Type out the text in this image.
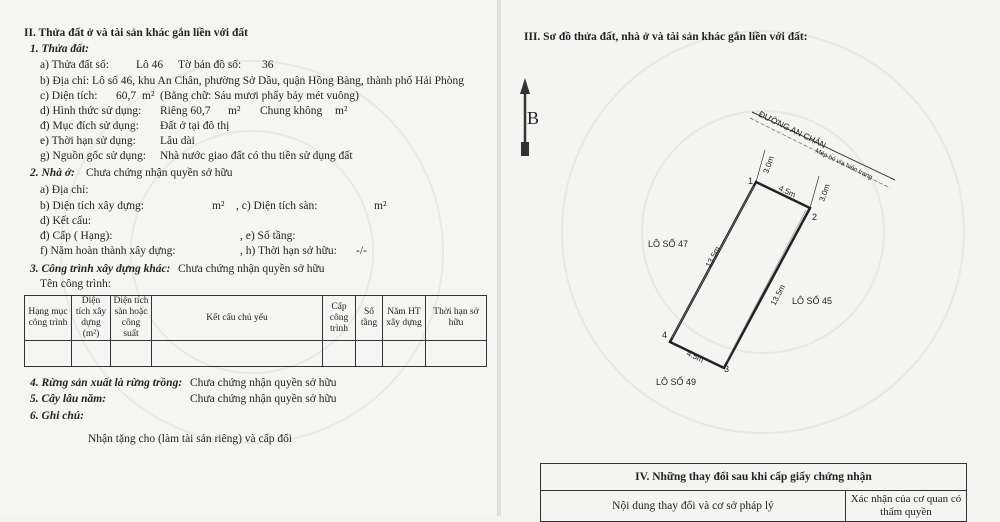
II. Thửa đất ở và tài sản khác gắn liền với đất
1. Thửa đất:
a) Thửa đất số: Lô 46 Tờ bản đồ số: 36
b) Địa chỉ: Lô số 46, khu An Chân, phường Sở Dầu, quận Hồng Bàng, thành phố Hải Phòng
c) Diện tích: 60,7 m² (Bằng chữ: Sáu mươi phẩy bảy mét vuông)
d) Hình thức sử dụng: Riêng 60,7 m² Chung không m²
đ) Mục đích sử dụng: Đất ở tại đô thị
e) Thời hạn sử dụng: Lâu dài
g) Nguồn gốc sử dụng: Nhà nước giao đất có thu tiền sử dụng đất
2. Nhà ở: Chưa chứng nhận quyền sở hữu
a) Địa chỉ:
b) Diện tích xây dựng:	m² , c) Diện tích sàn:	m²
d) Kết cấu:
đ) Cấp ( Hạng):	, e) Số tầng:
f) Năm hoàn thành xây dựng:	, h) Thời hạn sở hữu: -/-
3. Công trình xây dựng khác: Chưa chứng nhận quyền sở hữu
Tên công trình:
Hạng mục công trình	Diện tích xây dựng (m²)	Diện tích sàn hoặc công suất	Kết cấu chủ yếu	Cấp công trình	Số tầng	Năm HT xây dựng	Thời hạn sở hữu

4. Rừng sản xuất là rừng trồng: Chưa chứng nhận quyền sở hữu
5. Cây lâu năm:	Chưa chứng nhận quyền sở hữu
6. Ghi chú:
Nhận tặng cho (làm tài sản riêng) và cấp đổi
III. Sơ đồ thửa đất, nhà ở và tài sản khác gắn liền với đất:
B	ĐƯỜNG AN CHÂN
Mép bó vỉa hiên trạng
3.0m
3.0m
1
2
3
4
4.5m
4.5m
13.5m
13.5m
LÔ SỐ 47
LÔ SỐ 45
LÔ SỐ 49
IV. Những thay đổi sau khi cấp giấy chứng nhận
Nội dung thay đổi và cơ sở pháp lý	Xác nhận của cơ quan có thẩm quyền
